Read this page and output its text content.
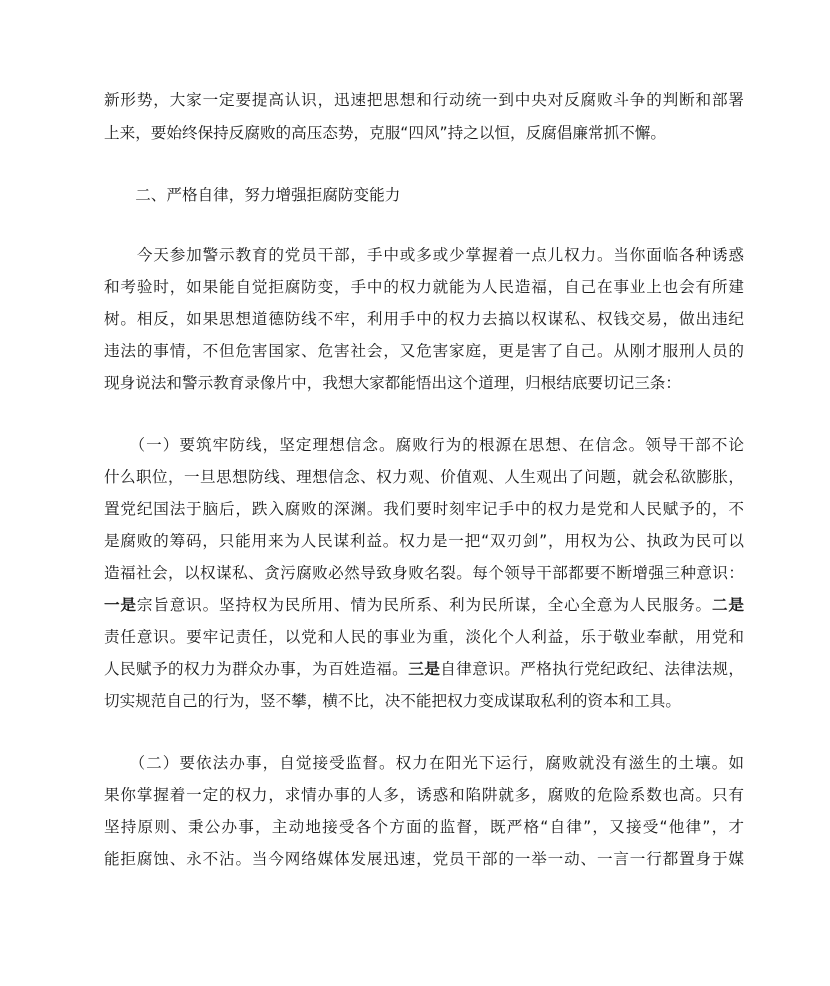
新形势，大家一定要提高认识，迅速把思想和行动统一到中央对反腐败斗争的判断和部署
上来，要始终保持反腐败的高压态势，克服“四风”持之以恒，反腐倡廉常抓不懈。
　　二、严格自律，努力增强拒腐防变能力
　　今天参加警示教育的党员干部，手中或多或少掌握着一点儿权力。当你面临各种诱惑
和考验时，如果能自觉拒腐防变，手中的权力就能为人民造福，自己在事业上也会有所建
树。相反，如果思想道德防线不牢，利用手中的权力去搞以权谋私、权钱交易，做出违纪
违法的事情，不但危害国家、危害社会，又危害家庭，更是害了自己。从刚才服刑人员的
现身说法和警示教育录像片中，我想大家都能悟出这个道理，归根结底要切记三条：
　　（一）要筑牢防线，坚定理想信念。腐败行为的根源在思想、在信念。领导干部不论
什么职位，一旦思想防线、理想信念、权力观、价值观、人生观出了问题，就会私欲膨胀，
置党纪国法于脑后，跌入腐败的深渊。我们要时刻牢记手中的权力是党和人民赋予的，不
是腐败的筹码，只能用来为人民谋利益。权力是一把“双刃剑”，用权为公、执政为民可以
造福社会，以权谋私、贪污腐败必然导致身败名裂。每个领导干部都要不断增强三种意识：
一是宗旨意识。坚持权为民所用、情为民所系、利为民所谋，全心全意为人民服务。二是
责任意识。要牢记责任，以党和人民的事业为重，淡化个人利益，乐于敬业奉献，用党和
人民赋予的权力为群众办事，为百姓造福。三是自律意识。严格执行党纪政纪、法律法规，
切实规范自己的行为，竖不攀，横不比，决不能把权力变成谋取私利的资本和工具。
　　（二）要依法办事，自觉接受监督。权力在阳光下运行，腐败就没有滋生的土壤。如
果你掌握着一定的权力，求情办事的人多，诱惑和陷阱就多，腐败的危险系数也高。只有
坚持原则、秉公办事，主动地接受各个方面的监督，既严格“自律”，又接受“他律”，才
能拒腐蚀、永不沾。当今网络媒体发展迅速，党员干部的一举一动、一言一行都置身于媒
